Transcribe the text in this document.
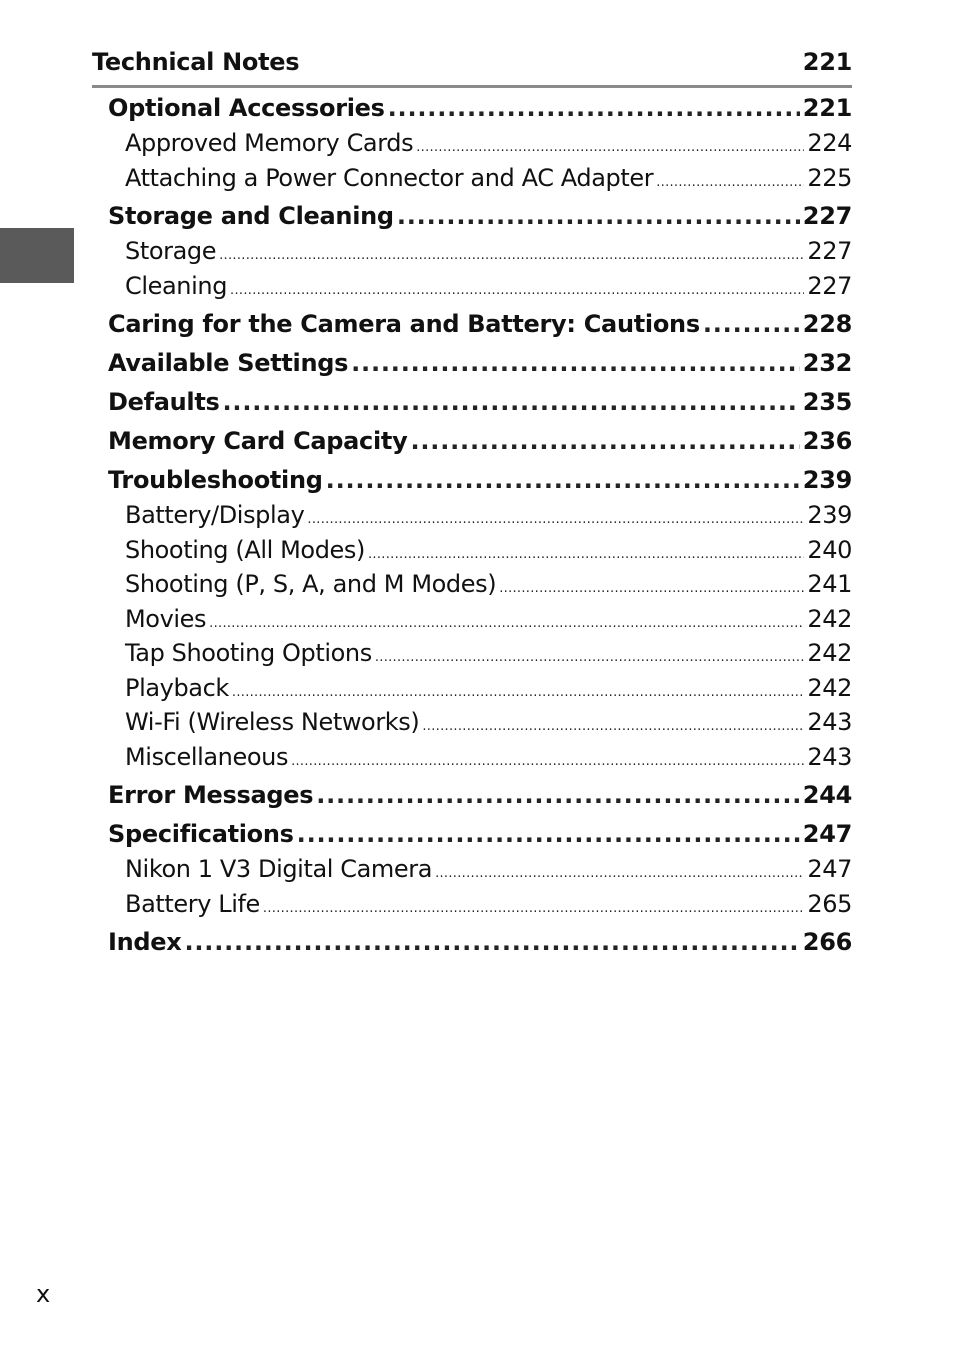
Technical Notes	221
Optional Accessories .....	221
Approved Memory Cards .....	224
Attaching a Power Connector and AC Adapter .....	225
Storage and Cleaning .....	227
Storage .....	227
Cleaning .....	227
Caring for the Camera and Battery: Cautions .....	228
Available Settings .....	232
Defaults .....	235
Memory Card Capacity .....	236
Troubleshooting .....	239
Battery/Display .....	239
Shooting (All Modes) .....	240
Shooting (P, S, A, and M Modes) .....	241
Movies .....	242
Tap Shooting Options .....	242
Playback .....	242
Wi-Fi (Wireless Networks) .....	243
Miscellaneous .....	243
Error Messages .....	244
Specifications .....	247
Nikon 1 V3 Digital Camera .....	247
Battery Life .....	265
Index .....	266
x
